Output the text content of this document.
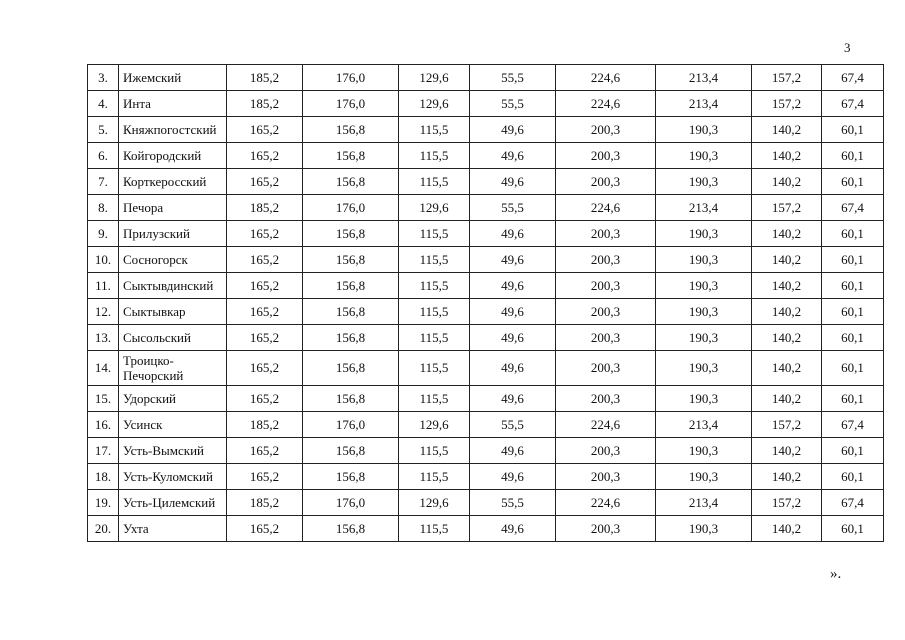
3
3.	Ижемский	185,2	176,0	129,6	55,5	224,6	213,4	157,2	67,4
4.	Инта	185,2	176,0	129,6	55,5	224,6	213,4	157,2	67,4
5.	Княжпогостский	165,2	156,8	115,5	49,6	200,3	190,3	140,2	60,1
6.	Койгородский	165,2	156,8	115,5	49,6	200,3	190,3	140,2	60,1
7.	Корткеросский	165,2	156,8	115,5	49,6	200,3	190,3	140,2	60,1
8.	Печора	185,2	176,0	129,6	55,5	224,6	213,4	157,2	67,4
9.	Прилузский	165,2	156,8	115,5	49,6	200,3	190,3	140,2	60,1
10.	Сосногорск	165,2	156,8	115,5	49,6	200,3	190,3	140,2	60,1
11.	Сыктывдинский	165,2	156,8	115,5	49,6	200,3	190,3	140,2	60,1
12.	Сыктывкар	165,2	156,8	115,5	49,6	200,3	190,3	140,2	60,1
13.	Сысольский	165,2	156,8	115,5	49,6	200,3	190,3	140,2	60,1
14.	Троицко-Печорский	165,2	156,8	115,5	49,6	200,3	190,3	140,2	60,1
15.	Удорский	165,2	156,8	115,5	49,6	200,3	190,3	140,2	60,1
16.	Усинск	185,2	176,0	129,6	55,5	224,6	213,4	157,2	67,4
17.	Усть-Вымский	165,2	156,8	115,5	49,6	200,3	190,3	140,2	60,1
18.	Усть-Куломский	165,2	156,8	115,5	49,6	200,3	190,3	140,2	60,1
19.	Усть-Цилемский	185,2	176,0	129,6	55,5	224,6	213,4	157,2	67,4
20.	Ухта	165,2	156,8	115,5	49,6	200,3	190,3	140,2	60,1
».
